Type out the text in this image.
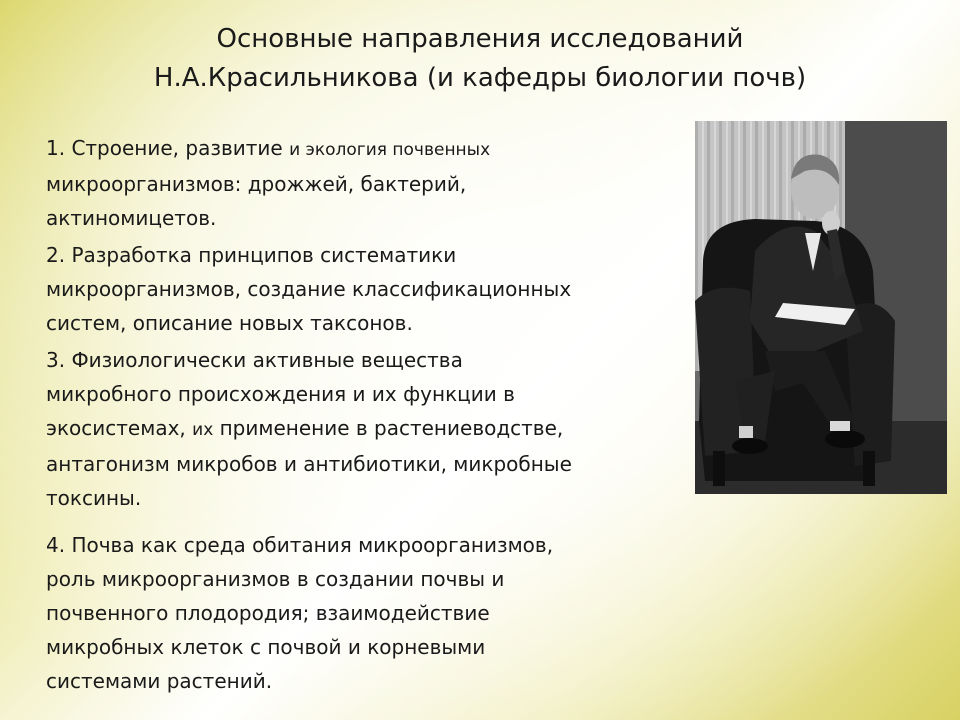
Основные направления исследований
Н.А.Красильникова (и кафедры биологии почв)

1. Строение, развитие и экология почвенных

микроорганизмов: дрожжей, бактерий,

актиномицетов.

2. Разработка принципов систематики

микроорганизмов, создание классификационных

систем, описание новых таксонов.

3. Физиологически активные вещества

микробного происхождения и их функции в

экосистемах, их применение в растениеводстве,

антагонизм микробов и антибиотики, микробные

токсины.

4. Почва как среда обитания микроорганизмов,

роль микроорганизмов в создании почвы и

почвенного плодородия; взаимодействие

микробных клеток с почвой и корневыми

системами растений.
